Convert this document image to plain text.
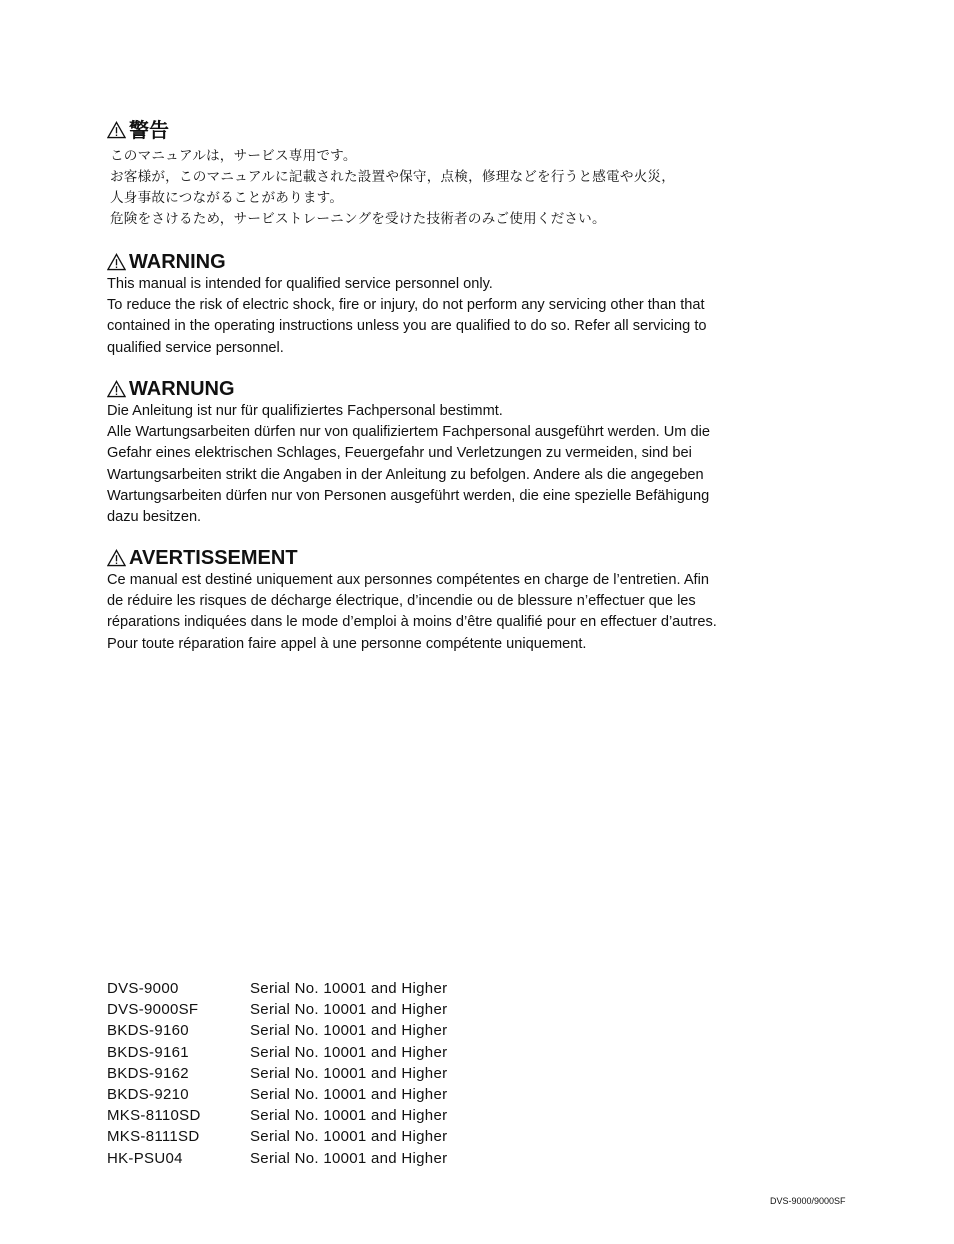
警告

このマニュアルは，サービス専用です。

お客様が，このマニュアルに記載された設置や保守，点検，修理などを行うと感電や火災，

人身事故につながることがあります。

危険をさけるため，サービストレーニングを受けた技術者のみご使用ください。

WARNING

This manual is intended for qualified service personnel only.

To reduce the risk of electric shock, fire or injury, do not perform any servicing other than that

contained in the operating instructions unless you are qualified to do so. Refer all servicing to

qualified service personnel.

WARNUNG

Die Anleitung ist nur für qualifiziertes Fachpersonal bestimmt.

Alle Wartungsarbeiten dürfen nur von qualifiziertem Fachpersonal ausgeführt werden. Um die

Gefahr eines elektrischen Schlages, Feuergefahr und Verletzungen zu vermeiden, sind bei

Wartungsarbeiten strikt die Angaben in der Anleitung zu befolgen. Andere als die angegeben

Wartungsarbeiten dürfen nur von Personen ausgeführt werden, die eine spezielle Befähigung

dazu besitzen.

AVERTISSEMENT

Ce manual est destiné uniquement aux personnes compétentes en charge de l’entretien. Afin

de réduire les risques de décharge électrique, d’incendie ou de blessure n’effectuer que les

réparations indiquées dans le mode d’emploi à moins d’être qualifié pour en effectuer d’autres.

Pour toute réparation faire appel à une personne compétente uniquement.

DVS-9000	Serial No. 10001 and Higher
DVS-9000SF	Serial No. 10001 and Higher
BKDS-9160	Serial No. 10001 and Higher
BKDS-9161	Serial No. 10001 and Higher
BKDS-9162	Serial No. 10001 and Higher
BKDS-9210	Serial No. 10001 and Higher
MKS-8110SD	Serial No. 10001 and Higher
MKS-8111SD	Serial No. 10001 and Higher
HK-PSU04	Serial No. 10001 and Higher
DVS-9000/9000SF
